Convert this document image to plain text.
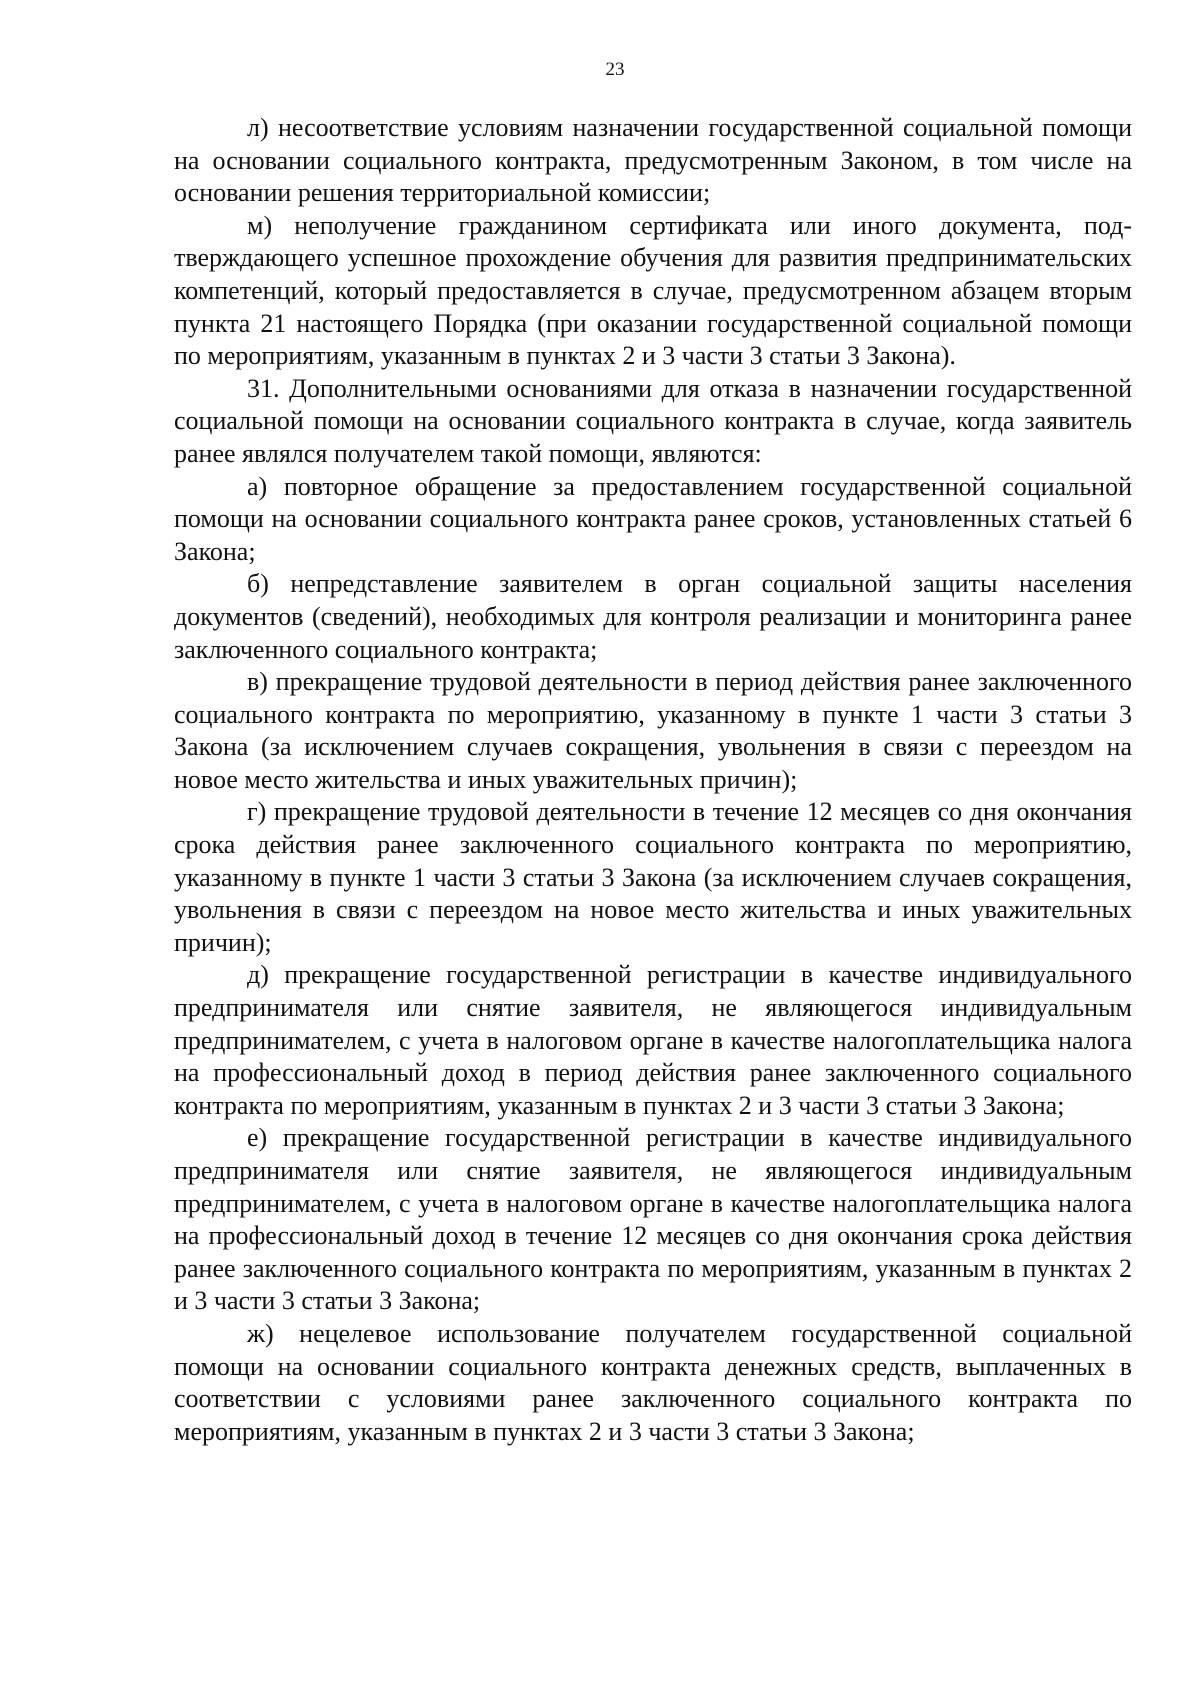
23

л) несоответствие условиям назначении государственной социальной помощи на основании социального контракта, предусмотренным Законом, в том числе на основании решения территориальной комиссии;

м) неполучение гражданином сертификата или иного документа, подтверждающего успешное прохождение обучения для развития предпринимательских компетенций, который предоставляется в случае, предусмотренном абзацем вторым пункта 21 настоящего Порядка (при оказании государственной социальной помощи по мероприятиям, указанным в пунктах 2 и 3 части 3 статьи 3 Закона).

31. Дополнительными основаниями для отказа в назначении государственной социальной помощи на основании социального контракта в случае, когда заявитель ранее являлся получателем такой помощи, являются:

а) повторное обращение за предоставлением государственной социальной помощи на основании социального контракта ранее сроков, установленных статьей 6 Закона;

б) непредставление заявителем в орган социальной защиты населения документов (сведений), необходимых для контроля реализации и мониторинга ранее заключенного социального контракта;

в) прекращение трудовой деятельности в период действия ранее заключенного социального контракта по мероприятию, указанному в пункте 1 части 3 статьи 3 Закона (за исключением случаев сокращения, увольнения в связи с переездом на новое место жительства и иных уважительных причин);

г) прекращение трудовой деятельности в течение 12 месяцев со дня окончания срока действия ранее заключенного социального контракта по мероприятию, указанному в пункте 1 части 3 статьи 3 Закона (за исключением случаев сокращения, увольнения в связи с переездом на новое место жительства и иных уважительных причин);

д) прекращение государственной регистрации в качестве индивидуального предпринимателя или снятие заявителя, не являющегося индивидуальным предпринимателем, с учета в налоговом органе в качестве налогоплательщика налога на профессиональный доход в период действия ранее заключенного социального контракта по мероприятиям, указанным в пунктах 2 и 3 части 3 статьи 3 Закона;

е) прекращение государственной регистрации в качестве индивидуального предпринимателя или снятие заявителя, не являющегося индивидуальным предпринимателем, с учета в налоговом органе в качестве налогоплательщика налога на профессиональный доход в течение 12 месяцев со дня окончания срока действия ранее заключенного социального контракта по мероприятиям, указанным в пунктах 2 и 3 части 3 статьи 3 Закона;

ж) нецелевое использование получателем государственной социальной помощи на основании социального контракта денежных средств, выплаченных в соответствии с условиями ранее заключенного социального контракта по мероприятиям, указанным в пунктах 2 и 3 части 3 статьи 3 Закона;
